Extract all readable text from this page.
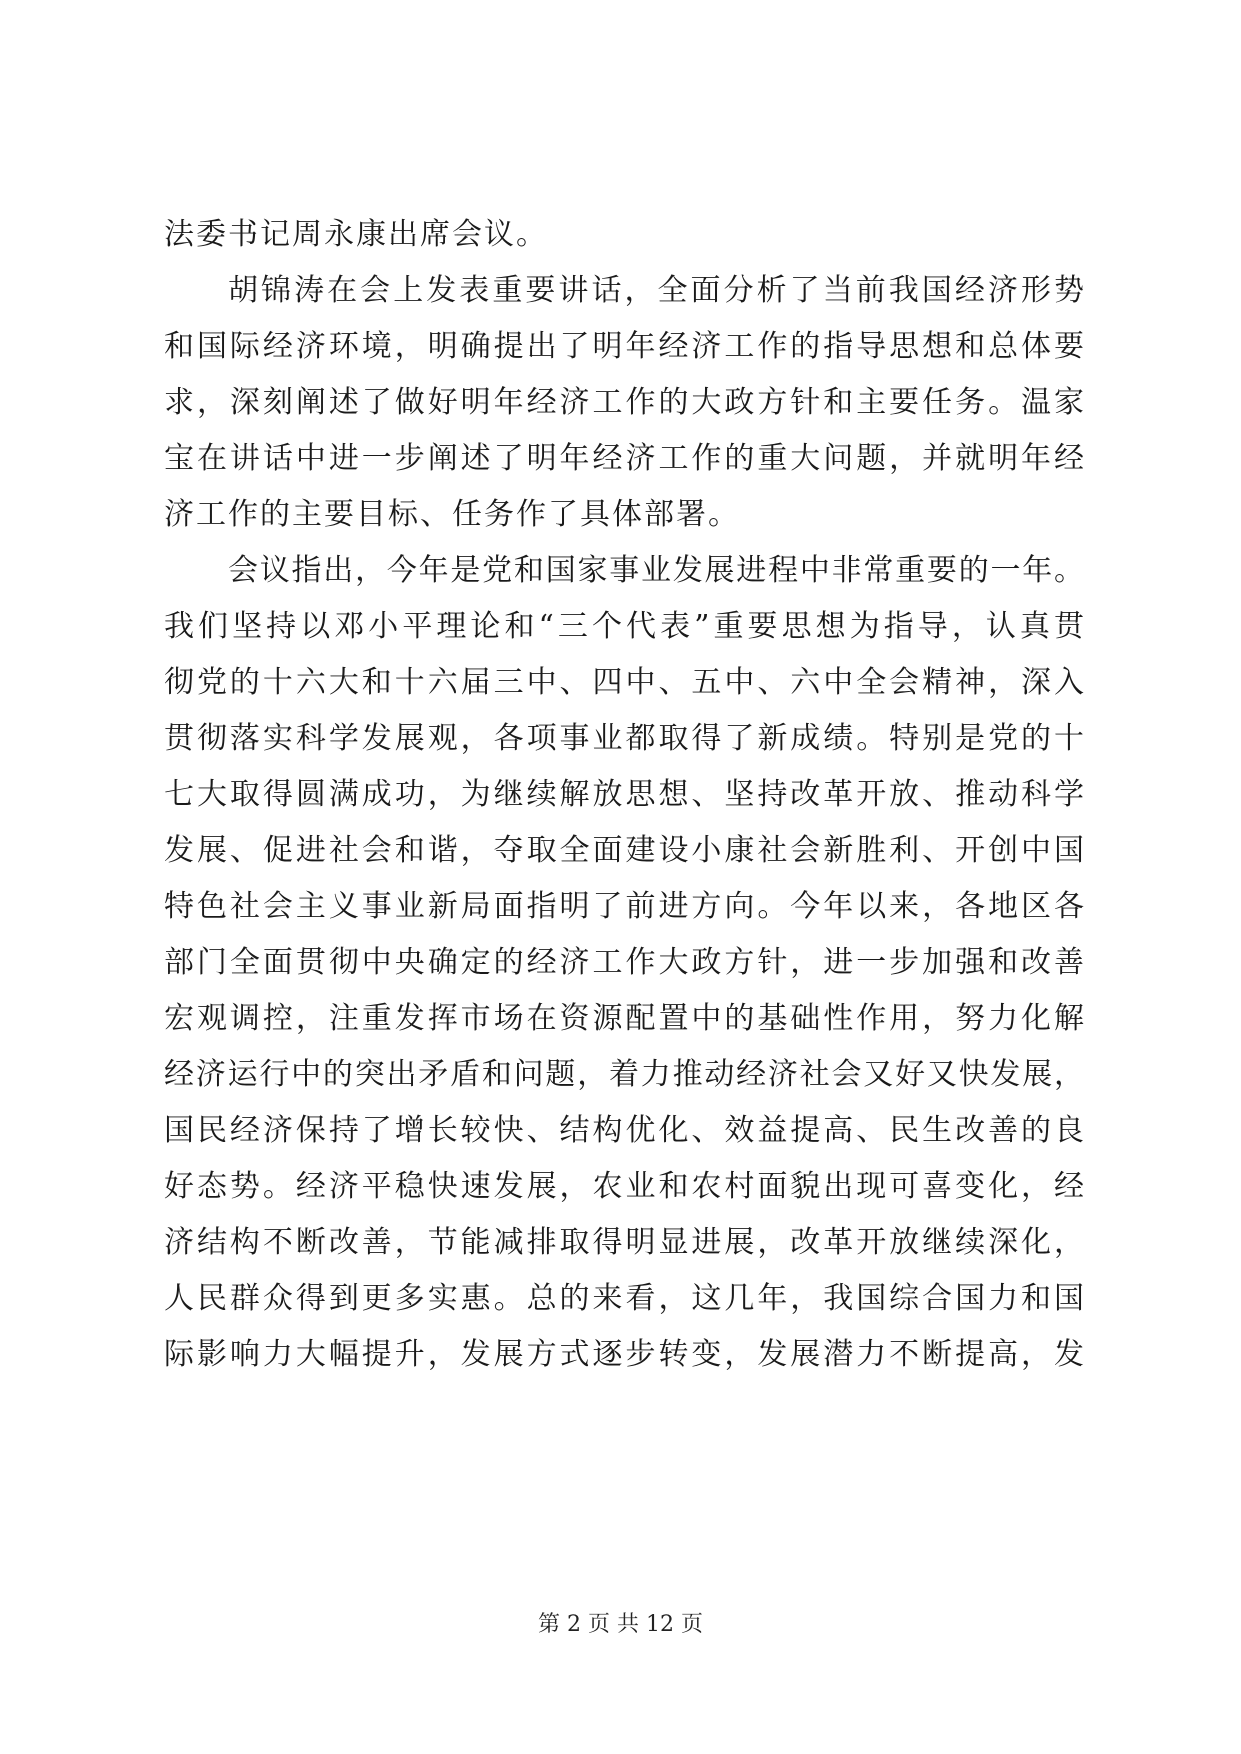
法委书记周永康出席会议。
胡锦涛在会上发表重要讲话，全面分析了当前我国经济形势
和国际经济环境，明确提出了明年经济工作的指导思想和总体要
求，深刻阐述了做好明年经济工作的大政方针和主要任务。温家
宝在讲话中进一步阐述了明年经济工作的重大问题，并就明年经
济工作的主要目标、任务作了具体部署。
会议指出，今年是党和国家事业发展进程中非常重要的一年。
我们坚持以邓小平理论和“三个代表”重要思想为指导，认真贯
彻党的十六大和十六届三中、四中、五中、六中全会精神，深入
贯彻落实科学发展观，各项事业都取得了新成绩。特别是党的十
七大取得圆满成功，为继续解放思想、坚持改革开放、推动科学
发展、促进社会和谐，夺取全面建设小康社会新胜利、开创中国
特色社会主义事业新局面指明了前进方向。今年以来，各地区各
部门全面贯彻中央确定的经济工作大政方针，进一步加强和改善
宏观调控，注重发挥市场在资源配置中的基础性作用，努力化解
经济运行中的突出矛盾和问题，着力推动经济社会又好又快发展，
国民经济保持了增长较快、结构优化、效益提高、民生改善的良
好态势。经济平稳快速发展，农业和农村面貌出现可喜变化，经
济结构不断改善，节能减排取得明显进展，改革开放继续深化，
人民群众得到更多实惠。总的来看，这几年，我国综合国力和国
际影响力大幅提升，发展方式逐步转变，发展潜力不断提高，发
第 2 页 共 12 页
